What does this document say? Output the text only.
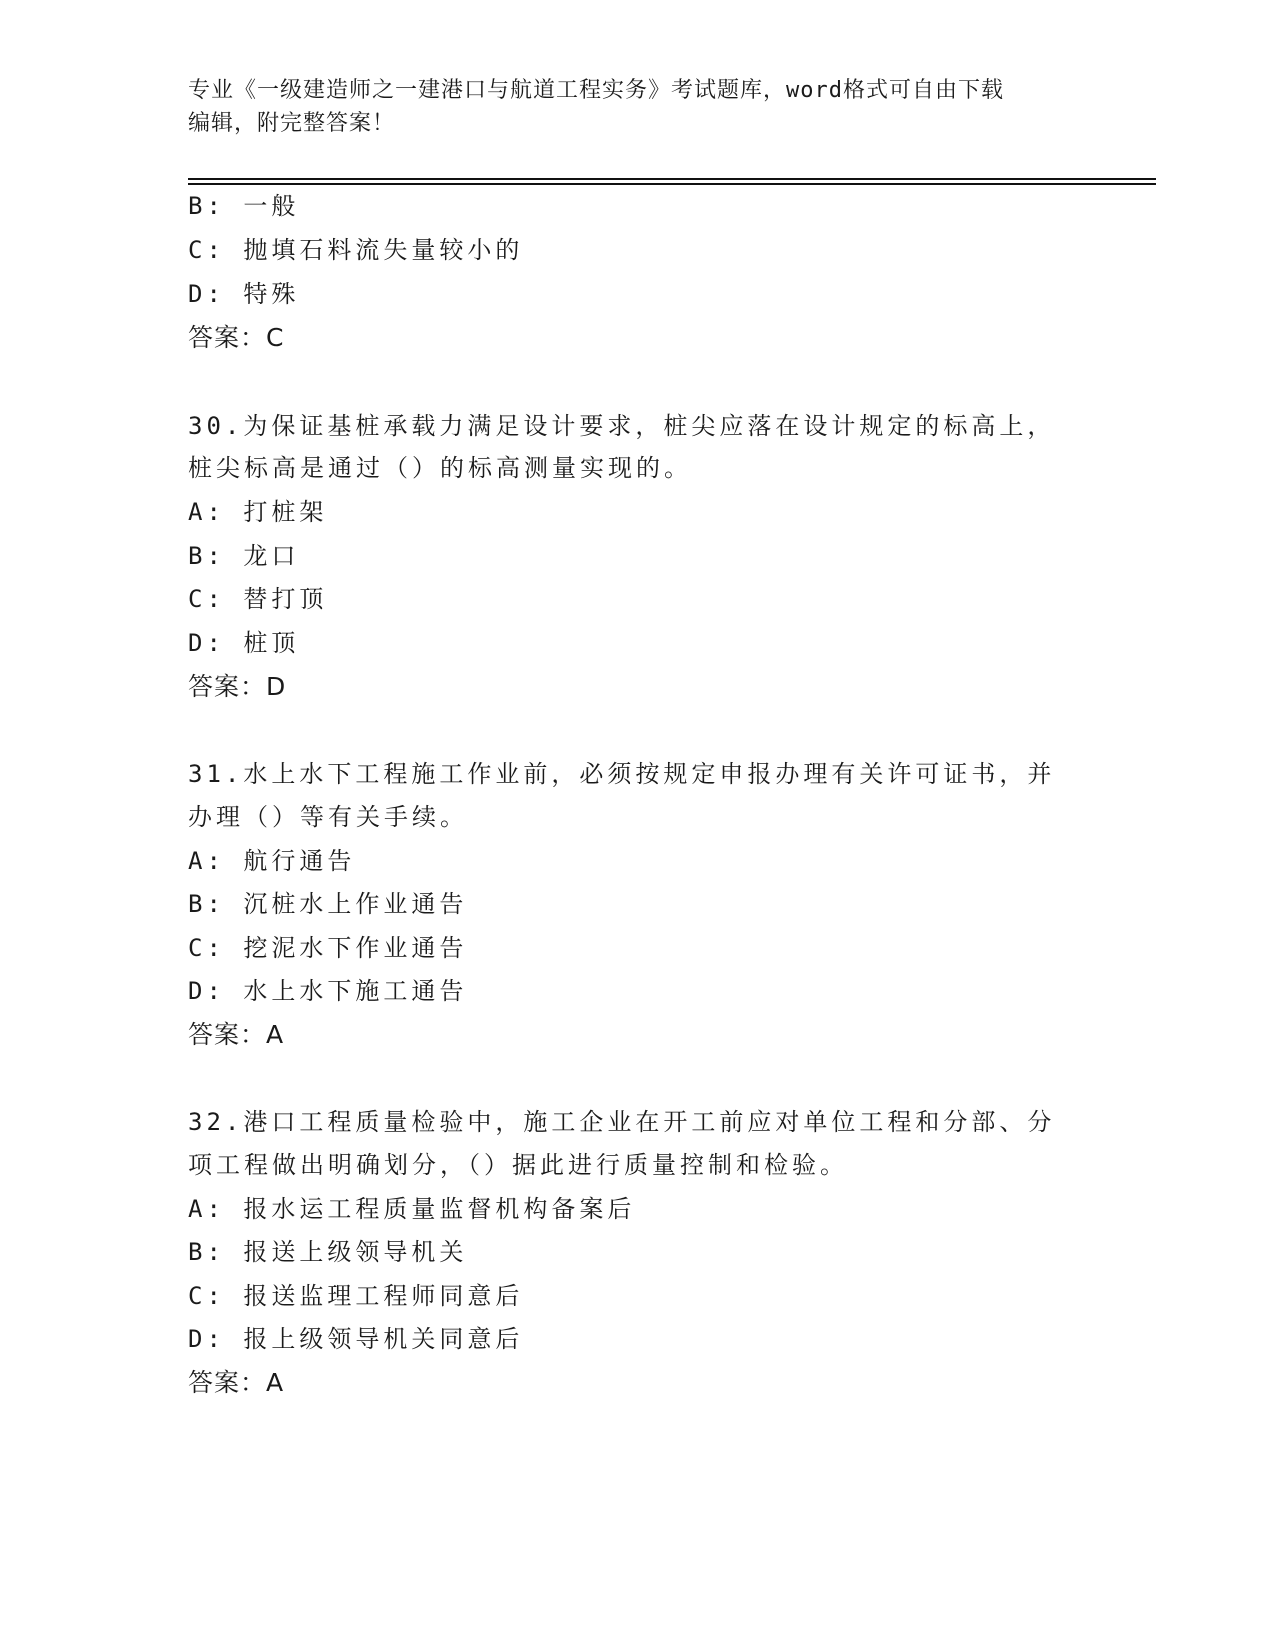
专业《一级建造师之一建港口与航道工程实务》考试题库，word格式可自由下载

编辑，附完整答案！

B: 一般
C: 抛填石料流失量较小的
D: 特殊
答案：C
30.为保证基桩承载力满足设计要求，桩尖应落在设计规定的标高上，
桩尖标高是通过（）的标高测量实现的。
A: 打桩架
B: 龙口
C: 替打顶
D: 桩顶
答案：D
31.水上水下工程施工作业前，必须按规定申报办理有关许可证书，并
办理（）等有关手续。
A: 航行通告
B: 沉桩水上作业通告
C: 挖泥水下作业通告
D: 水上水下施工通告
答案：A
32.港口工程质量检验中，施工企业在开工前应对单位工程和分部、分
项工程做出明确划分，（）据此进行质量控制和检验。
A: 报水运工程质量监督机构备案后
B: 报送上级领导机关
C: 报送监理工程师同意后
D: 报上级领导机关同意后
答案：A
